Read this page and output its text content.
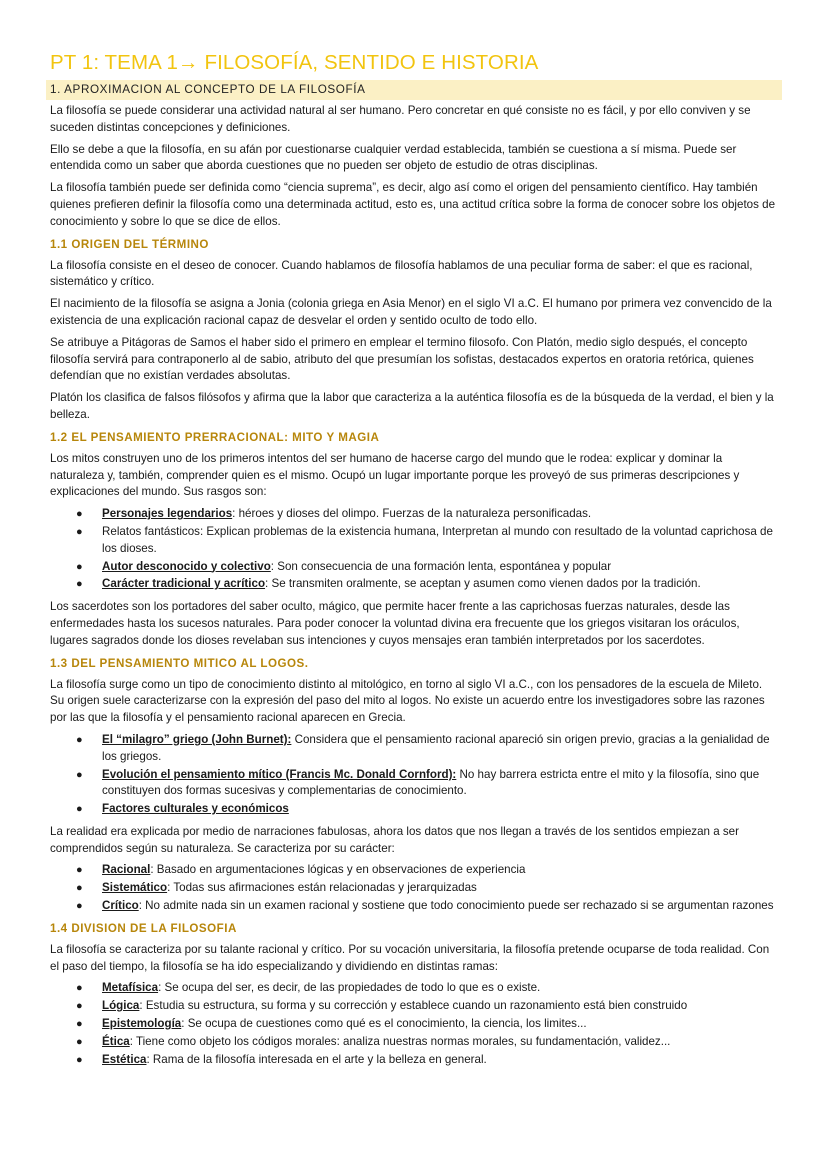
PT 1: TEMA 1→ FILOSOFÍA, SENTIDO E HISTORIA
1. APROXIMACION AL CONCEPTO DE LA FILOSOFÍA

La filosofía se puede considerar una actividad natural al ser humano. Pero concretar en qué consiste no es fácil, y por ello conviven y se suceden distintas concepciones y definiciones.

Ello se debe a que la filosofía, en su afán por cuestionarse cualquier verdad establecida, también se cuestiona a sí misma. Puede ser entendida como un saber que aborda cuestiones que no pueden ser objeto de estudio de otras disciplinas.

La filosofía también puede ser definida como “ciencia suprema”, es decir, algo así como el origen del pensamiento científico. Hay también quienes prefieren definir la filosofía como una determinada actitud, esto es, una actitud crítica sobre la forma de conocer sobre los objetos de conocimiento y sobre lo que se dice de ellos.

1.1 ORIGEN DEL TÉRMINO

La filosofía consiste en el deseo de conocer. Cuando hablamos de filosofía hablamos de una peculiar forma de saber: el que es racional, sistemático y crítico.

El nacimiento de la filosofía se asigna a Jonia (colonia griega en Asia Menor) en el siglo VI a.C. El humano por primera vez convencido de la existencia de una explicación racional capaz de desvelar el orden y sentido oculto de todo ello.

Se atribuye a Pitágoras de Samos el haber sido el primero en emplear el termino filosofo. Con Platón, medio siglo después, el concepto filosofía servirá para contraponerlo al de sabio, atributo del que presumían los sofistas, destacados expertos en oratoria retórica, quienes defendían que no existían verdades absolutas.

Platón los clasifica de falsos filósofos y afirma que la labor que caracteriza a la auténtica filosofía es de la búsqueda de la verdad, el bien y la belleza.

1.2 EL PENSAMIENTO PRERRACIONAL: MITO Y MAGIA

Los mitos construyen uno de los primeros intentos del ser humano de hacerse cargo del mundo que le rodea: explicar y dominar la naturaleza y, también, comprender quien es el mismo. Ocupó un lugar importante porque les proveyó de sus primeras descripciones y explicaciones del mundo. Sus rasgos son:

● Personajes legendarios: héroes y dioses del olimpo. Fuerzas de la naturaleza personificadas.
● Relatos fantásticos: Explican problemas de la existencia humana, Interpretan al mundo con resultado de la voluntad caprichosa de los dioses.
● Autor desconocido y colectivo: Son consecuencia de una formación lenta, espontánea y popular
● Carácter tradicional y acrítico: Se transmiten oralmente, se aceptan y asumen como vienen dados por la tradición.

Los sacerdotes son los portadores del saber oculto, mágico, que permite hacer frente a las caprichosas fuerzas naturales, desde las enfermedades hasta los sucesos naturales. Para poder conocer la voluntad divina era frecuente que los griegos visitaran los oráculos, lugares sagrados donde los dioses revelaban sus intenciones y cuyos mensajes eran también interpretados por los sacerdotes.

1.3 DEL PENSAMIENTO MITICO AL LOGOS.

La filosofía surge como un tipo de conocimiento distinto al mitológico, en torno al siglo VI a.C., con los pensadores de la escuela de Mileto. Su origen suele caracterizarse con la expresión del paso del mito al logos. No existe un acuerdo entre los investigadores sobre las razones por las que la filosofía y el pensamiento racional aparecen en Grecia.

● El “milagro” griego (John Burnet): Considera que el pensamiento racional apareció sin origen previo, gracias a la genialidad de los griegos.
● Evolución el pensamiento mítico (Francis Mc. Donald Cornford): No hay barrera estricta entre el mito y la filosofía, sino que constituyen dos formas sucesivas y complementarias de conocimiento.
● Factores culturales y económicos

La realidad era explicada por medio de narraciones fabulosas, ahora los datos que nos llegan a través de los sentidos empiezan a ser comprendidos según su naturaleza. Se caracteriza por su carácter:

● Racional: Basado en argumentaciones lógicas y en observaciones de experiencia
● Sistemático: Todas sus afirmaciones están relacionadas y jerarquizadas
● Crítico: No admite nada sin un examen racional y sostiene que todo conocimiento puede ser rechazado si se argumentan razones
1.4 DIVISION DE LA FILOSOFIA

La filosofía se caracteriza por su talante racional y crítico. Por su vocación universitaria, la filosofía pretende ocuparse de toda realidad. Con el paso del tiempo, la filosofía se ha ido especializando y dividiendo en distintas ramas:

● Metafísica: Se ocupa del ser, es decir, de las propiedades de todo lo que es o existe.
● Lógica: Estudia su estructura, su forma y su corrección y establece cuando un razonamiento está bien construido
● Epistemología: Se ocupa de cuestiones como qué es el conocimiento, la ciencia, los limites...
● Ética: Tiene como objeto los códigos morales: analiza nuestras normas morales, su fundamentación, validez...
● Estética: Rama de la filosofía interesada en el arte y la belleza en general.
